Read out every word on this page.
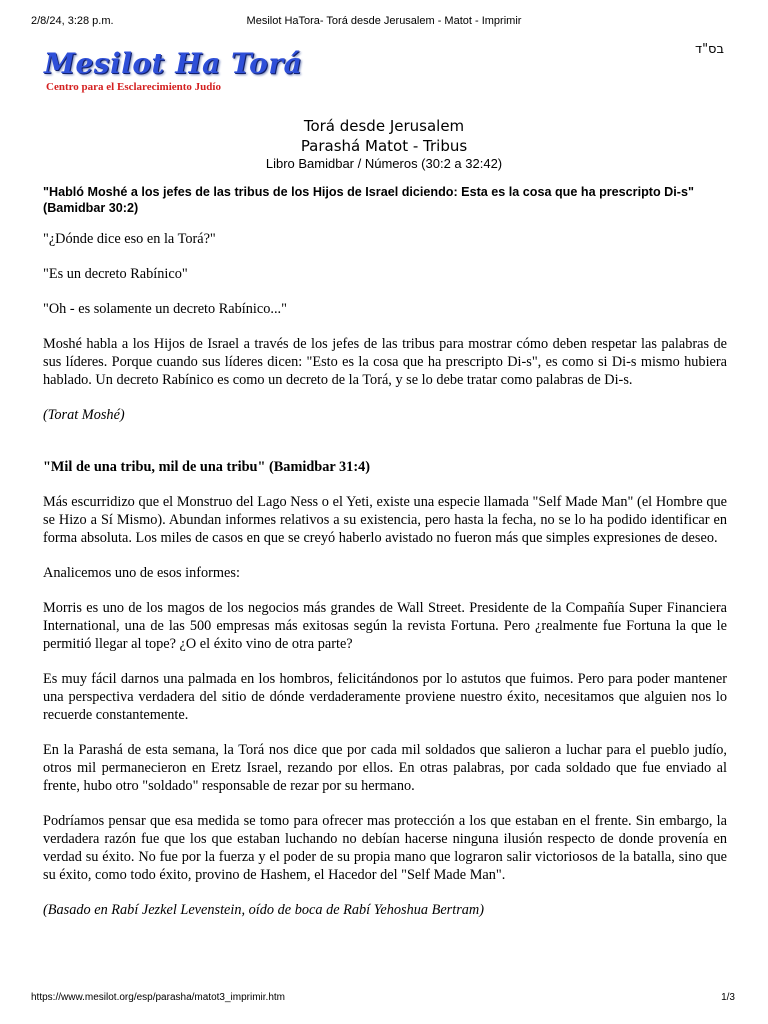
2/8/24, 3:28 p.m.	Mesilot HaTora- Torá desde Jerusalem - Matot - Imprimir
בס"ד
Mesilot Ha Torá
Centro para el Esclarecimiento Judío
Torá desde Jerusalem
Parashá Matot - Tribus
Libro Bamidbar / Números (30:2 a 32:42)

"Habló Moshé a los jefes de las tribus de los Hijos de Israel diciendo: Esta es la cosa que ha prescripto Di-s" (Bamidbar 30:2)

"¿Dónde dice eso en la Torá?"

"Es un decreto Rabínico"

"Oh - es solamente un decreto Rabínico..."

Moshé habla a los Hijos de Israel a través de los jefes de las tribus para mostrar cómo deben respetar las palabras de sus líderes. Porque cuando sus líderes dicen: "Esto es la cosa que ha prescripto Di-s", es como si Di-s mismo hubiera hablado. Un decreto Rabínico es como un decreto de la Torá, y se lo debe tratar como palabras de Di-s.

(Torat Moshé)

"Mil de una tribu, mil de una tribu" (Bamidbar 31:4)

Más escurridizo que el Monstruo del Lago Ness o el Yeti, existe una especie llamada "Self Made Man" (el Hombre que se Hizo a Sí Mismo). Abundan informes relativos a su existencia, pero hasta la fecha, no se lo ha podido identificar en forma absoluta. Los miles de casos en que se creyó haberlo avistado no fueron más que simples expresiones de deseo.

Analicemos uno de esos informes:

Morris es uno de los magos de los negocios más grandes de Wall Street. Presidente de la Compañía Super Financiera International, una de las 500 empresas más exitosas según la revista Fortuna. Pero ¿realmente fue Fortuna la que le permitió llegar al tope? ¿O el éxito vino de otra parte?

Es muy fácil darnos una palmada en los hombros, felicitándonos por lo astutos que fuimos. Pero para poder mantener una perspectiva verdadera del sitio de dónde verdaderamente proviene nuestro éxito, necesitamos que alguien nos lo recuerde constantemente.

En la Parashá de esta semana, la Torá nos dice que por cada mil soldados que salieron a luchar para el pueblo judío, otros mil permanecieron en Eretz Israel, rezando por ellos. En otras palabras, por cada soldado que fue enviado al frente, hubo otro "soldado" responsable de rezar por su hermano.

Podríamos pensar que esa medida se tomo para ofrecer mas protección a los que estaban en el frente. Sin embargo, la verdadera razón fue que los que estaban luchando no debían hacerse ninguna ilusión respecto de donde provenía en verdad su éxito. No fue por la fuerza y el poder de su propia mano que lograron salir victoriosos de la batalla, sino que su éxito, como todo éxito, provino de Hashem, el Hacedor del "Self Made Man".

(Basado en Rabí Jezkel Levenstein, oído de boca de Rabí Yehoshua Bertram)

https://www.mesilot.org/esp/parasha/matot3_imprimir.htm	1/3
